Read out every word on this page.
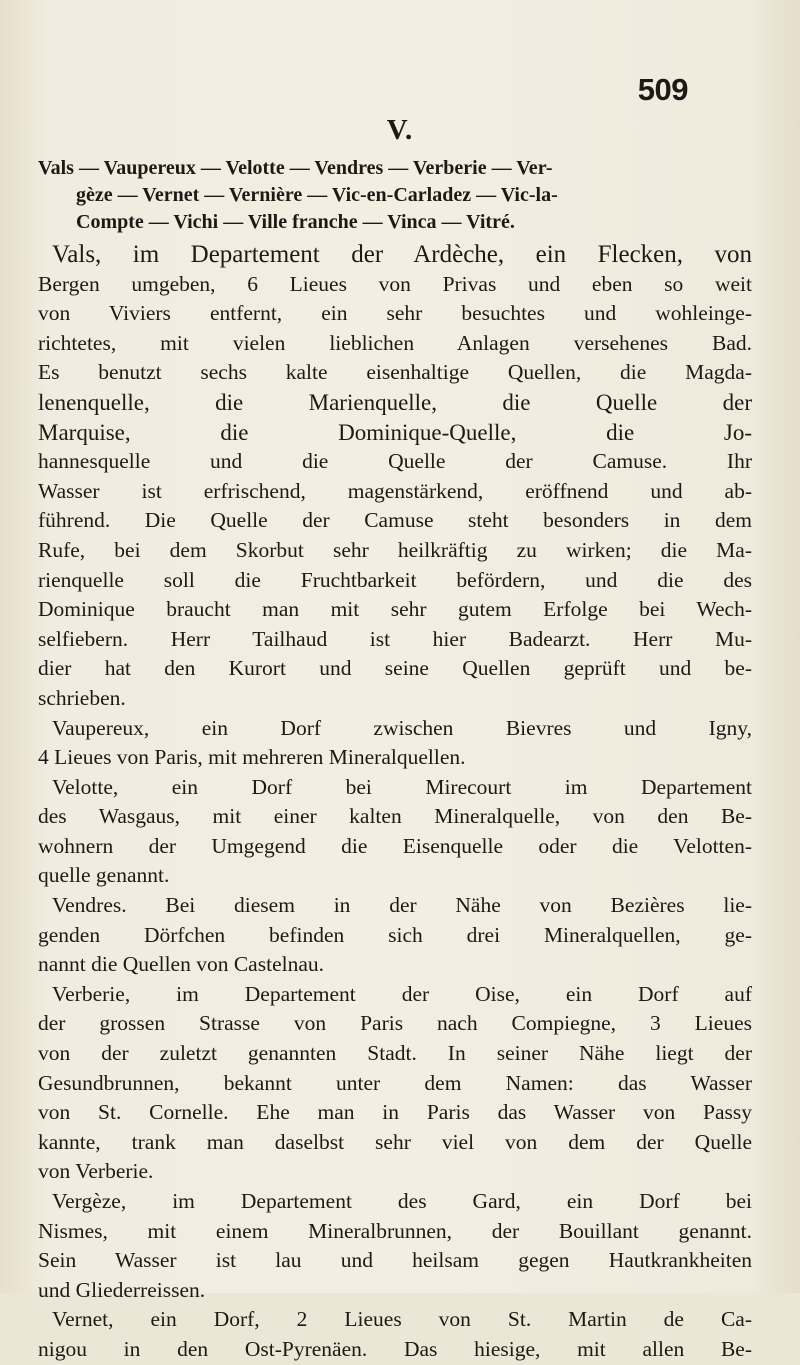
509
V.
Vals — Vaupereux — Velotte — Vendres — Verberie — Ver-
gèze — Vernet — Vernière — Vic-en-Carladez — Vic-la-
Compte — Vichi — Ville franche — Vinca — Vitré.
Vals, im Departement der Ardèche, ein Flecken, von
Bergen umgeben, 6 Lieues von Privas und eben so weit
von Viviers entfernt, ein sehr besuchtes und wohleinge-
richtetes, mit vielen lieblichen Anlagen versehenes Bad.
Es benutzt sechs kalte eisenhaltige Quellen, die Magda-
lenenquelle, die Marienquelle, die Quelle der
Marquise, die Dominique-Quelle, die Jo-
hannesquelle und die Quelle der Camuse. Ihr
Wasser ist erfrischend, magenstärkend, eröffnend und ab-
führend. Die Quelle der Camuse steht besonders in dem
Rufe, bei dem Skorbut sehr heilkräftig zu wirken; die Ma-
rienquelle soll die Fruchtbarkeit befördern, und die des
Dominique braucht man mit sehr gutem Erfolge bei Wech-
selfiebern. Herr Tailhaud ist hier Badearzt. Herr Mu-
dier hat den Kurort und seine Quellen geprüft und be-
schrieben.
Vaupereux, ein Dorf zwischen Bievres und Igny,
4 Lieues von Paris, mit mehreren Mineralquellen.
Velotte, ein Dorf bei Mirecourt im Departement
des Wasgaus, mit einer kalten Mineralquelle, von den Be-
wohnern der Umgegend die Eisenquelle oder die Velotten-
quelle genannt.
Vendres. Bei diesem in der Nähe von Bezières lie-
genden Dörfchen befinden sich drei Mineralquellen, ge-
nannt die Quellen von Castelnau.
Verberie, im Departement der Oise, ein Dorf auf
der grossen Strasse von Paris nach Compiegne, 3 Lieues
von der zuletzt genannten Stadt. In seiner Nähe liegt der
Gesundbrunnen, bekannt unter dem Namen: das Wasser
von St. Cornelle. Ehe man in Paris das Wasser von Passy
kannte, trank man daselbst sehr viel von dem der Quelle
von Verberie.
Vergèze, im Departement des Gard, ein Dorf bei
Nismes, mit einem Mineralbrunnen, der Bouillant genannt.
Sein Wasser ist lau und heilsam gegen Hautkrankheiten
und Gliederreissen.
Vernet, ein Dorf, 2 Lieues von St. Martin de Ca-
nigou in den Ost-Pyrenäen. Das hiesige, mit allen Be-
